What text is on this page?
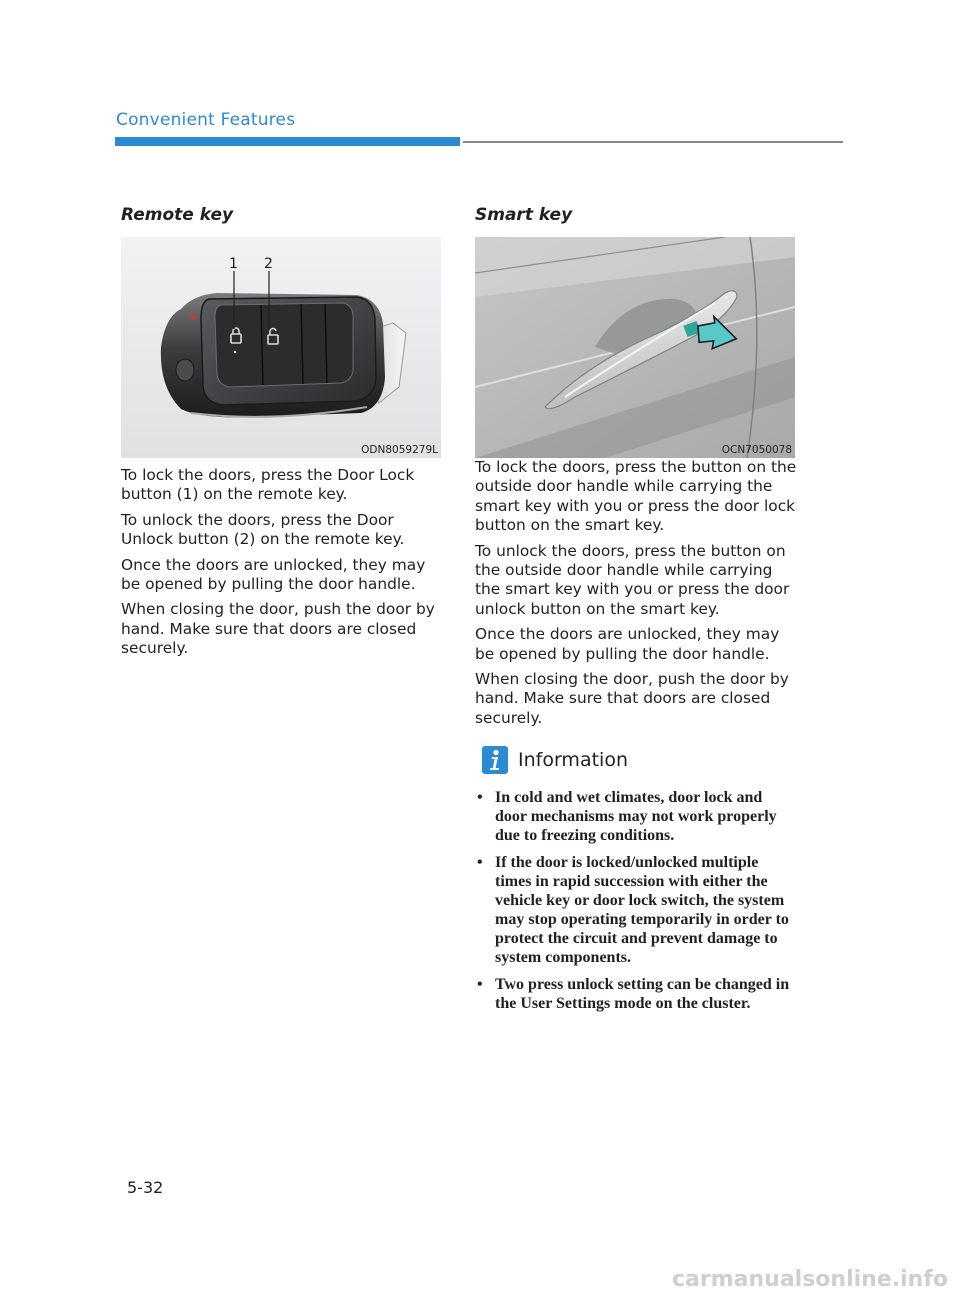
Convenient Features
Remote key
1 2
ODN8059279L

To lock the doors, press the Door Lock button (1) on the remote key.

To unlock the doors, press the Door Unlock button (2) on the remote key.

Once the doors are unlocked, they may be opened by pulling the door handle.

When closing the door, push the door by hand. Make sure that doors are closed securely.

Smart key
OCN7050078

To lock the doors, press the button on the outside door handle while carrying the smart key with you or press the door lock button on the smart key.

To unlock the doors, press the button on the outside door handle while carrying the smart key with you or press the door unlock button on the smart key.

Once the doors are unlocked, they may be opened by pulling the door handle.

When closing the door, push the door by hand. Make sure that doors are closed securely.

Information
• In cold and wet climates, door lock and door mechanisms may not work properly due to freezing conditions.
• If the door is locked/unlocked multiple times in rapid succession with either the vehicle key or door lock switch, the system may stop operating temporarily in order to protect the circuit and prevent damage to system components.
• Two press unlock setting can be changed in the User Settings mode on the cluster.
5-32
carmanualsonline.info
